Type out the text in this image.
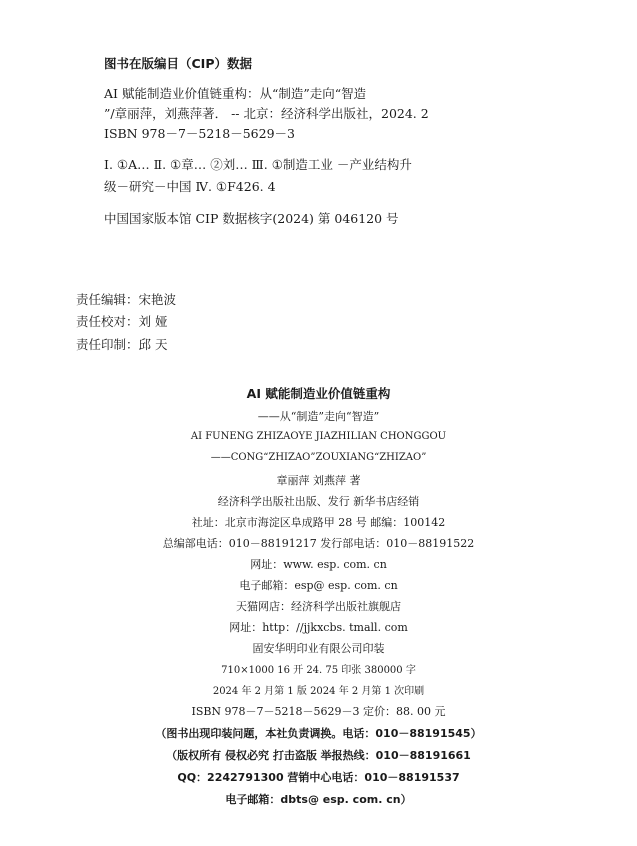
图书在版编目（CIP）数据
AI 赋能制造业价值链重构：从“制造”走向“智造
”/章丽萍，刘燕萍著． -- 北京：经济科学出版社，2024. 2
ISBN 978－7－5218－5629－3
Ⅰ. ①A… Ⅱ. ①章… ②刘… Ⅲ. ①制造工业 －产业结构升
级－研究－中国 Ⅳ. ①F426. 4
中国国家版本馆 CIP 数据核字(2024) 第 046120 号
责任编辑：宋艳波
责任校对：刘 娅
责任印制：邱 天
AI 赋能制造业价值链重构
——从“制造”走向“智造”
AI FUNENG ZHIZAOYE JIAZHILIAN CHONGGOU
——CONG“ZHIZAO”ZOUXIANG“ZHIZAO”
章丽萍 刘燕萍 著
经济科学出版社出版、发行 新华书店经销
社址：北京市海淀区阜成路甲 28 号 邮编：100142
总编部电话：010－88191217 发行部电话：010－88191522
网址：www. esp. com. cn
电子邮箱：esp@ esp. com. cn
天猫网店：经济科学出版社旗舰店
网址：http：//jjkxcbs. tmall. com
固安华明印业有限公司印装
710×1000 16 开 24. 75 印张 380000 字
2024 年 2 月第 1 版 2024 年 2 月第 1 次印刷
ISBN 978－7－5218－5629－3 定价：88. 00 元
（图书出现印装问题，本社负责调换。电话：010－88191545）
（版权所有 侵权必究 打击盗版 举报热线：010－88191661
QQ：2242791300 营销中心电话：010－88191537
电子邮箱：dbts@ esp. com. cn）
